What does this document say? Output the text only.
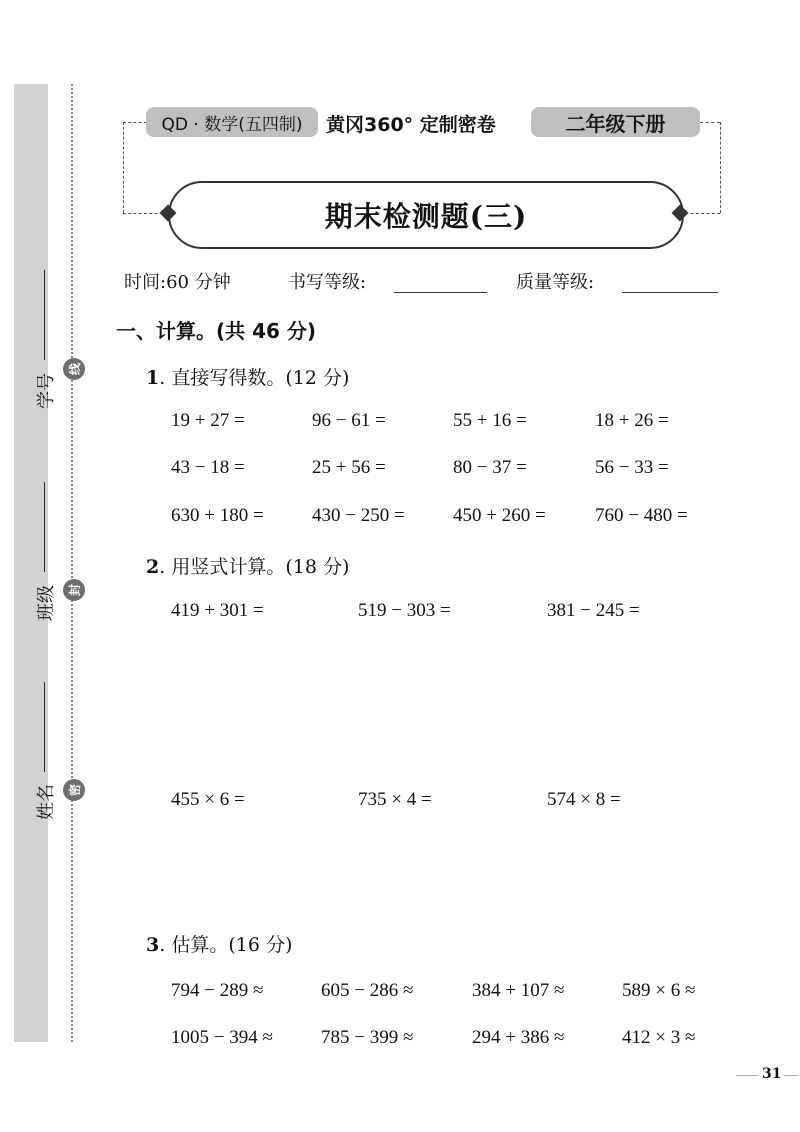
学号
班级
姓名
线
封
密
QD · 数学(五四制)	黄冈360° 定制密卷	二年级下册
期末检测题(三)
时间:60 分钟	书写等级:	质量等级:
一、计算。(共 46 分)
1. 直接写得数。(12 分)
19 + 27 =	96 − 61 =	55 + 16 =	18 + 26 =
43 − 18 =	25 + 56 =	80 − 37 =	56 − 33 =
630 + 180 =	430 − 250 =	450 + 260 =	760 − 480 =
2. 用竖式计算。(18 分)
419 + 301 =	519 − 303 =	381 − 245 =
455 × 6 =	735 × 4 =	574 × 8 =
3. 估算。(16 分)
794 − 289 ≈	605 − 286 ≈	384 + 107 ≈	589 × 6 ≈
1005 − 394 ≈	785 − 399 ≈	294 + 386 ≈	412 × 3 ≈
31
